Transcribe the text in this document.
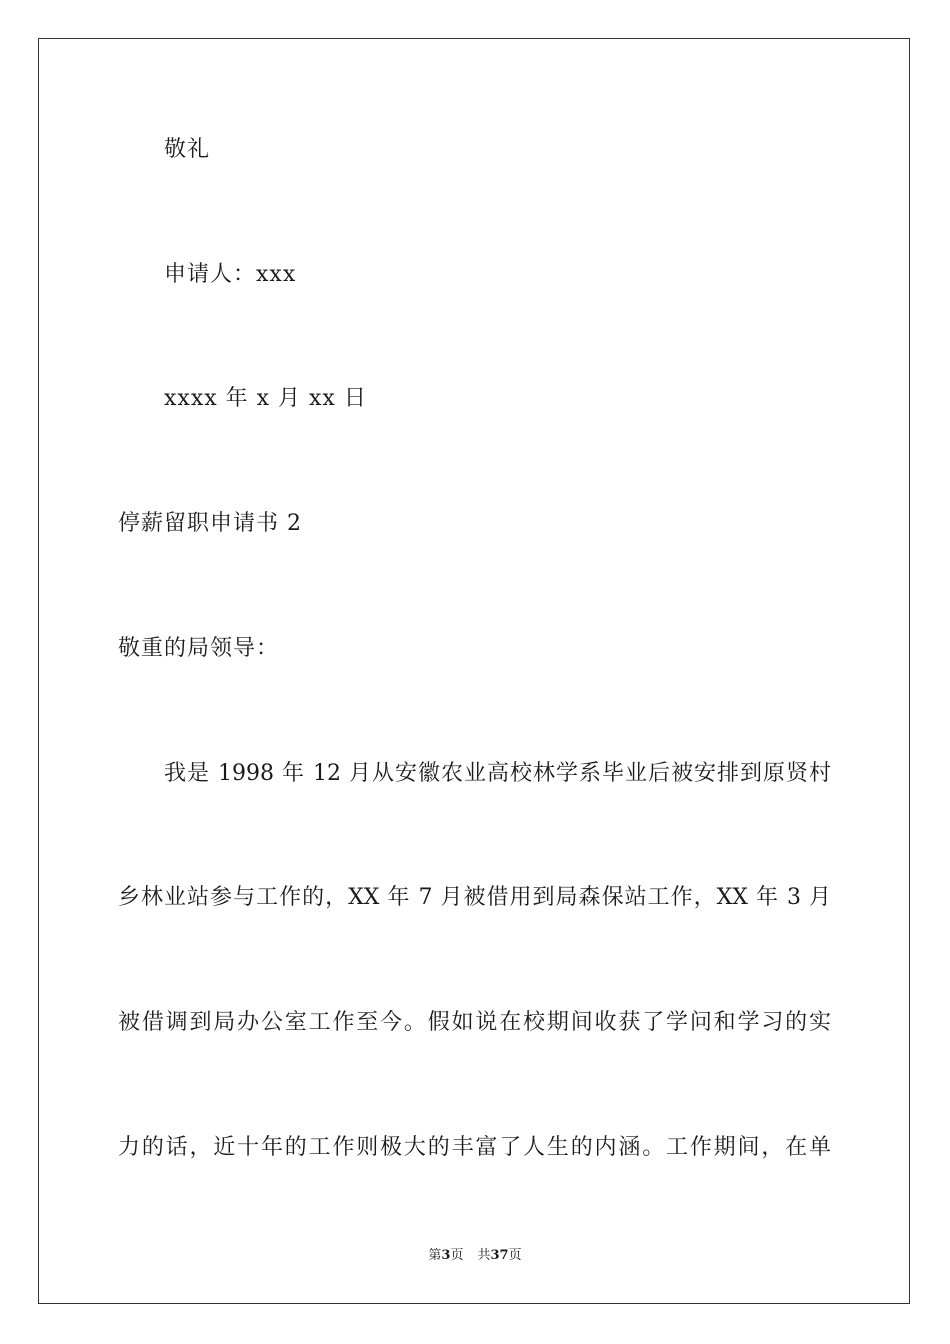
敬礼
申请人：xxx
xxxx 年 x 月 xx 日
停薪留职申请书 2
敬重的局领导：
我是 1998 年 12 月从安徽农业高校林学系毕业后被安排到原贤村
乡林业站参与工作的，XX 年 7 月被借用到局森保站工作，XX 年 3 月
被借调到局办公室工作至今。假如说在校期间收获了学问和学习的实
力的话，近十年的工作则极大的丰富了人生的内涵。工作期间，在单
第3页 共37页
